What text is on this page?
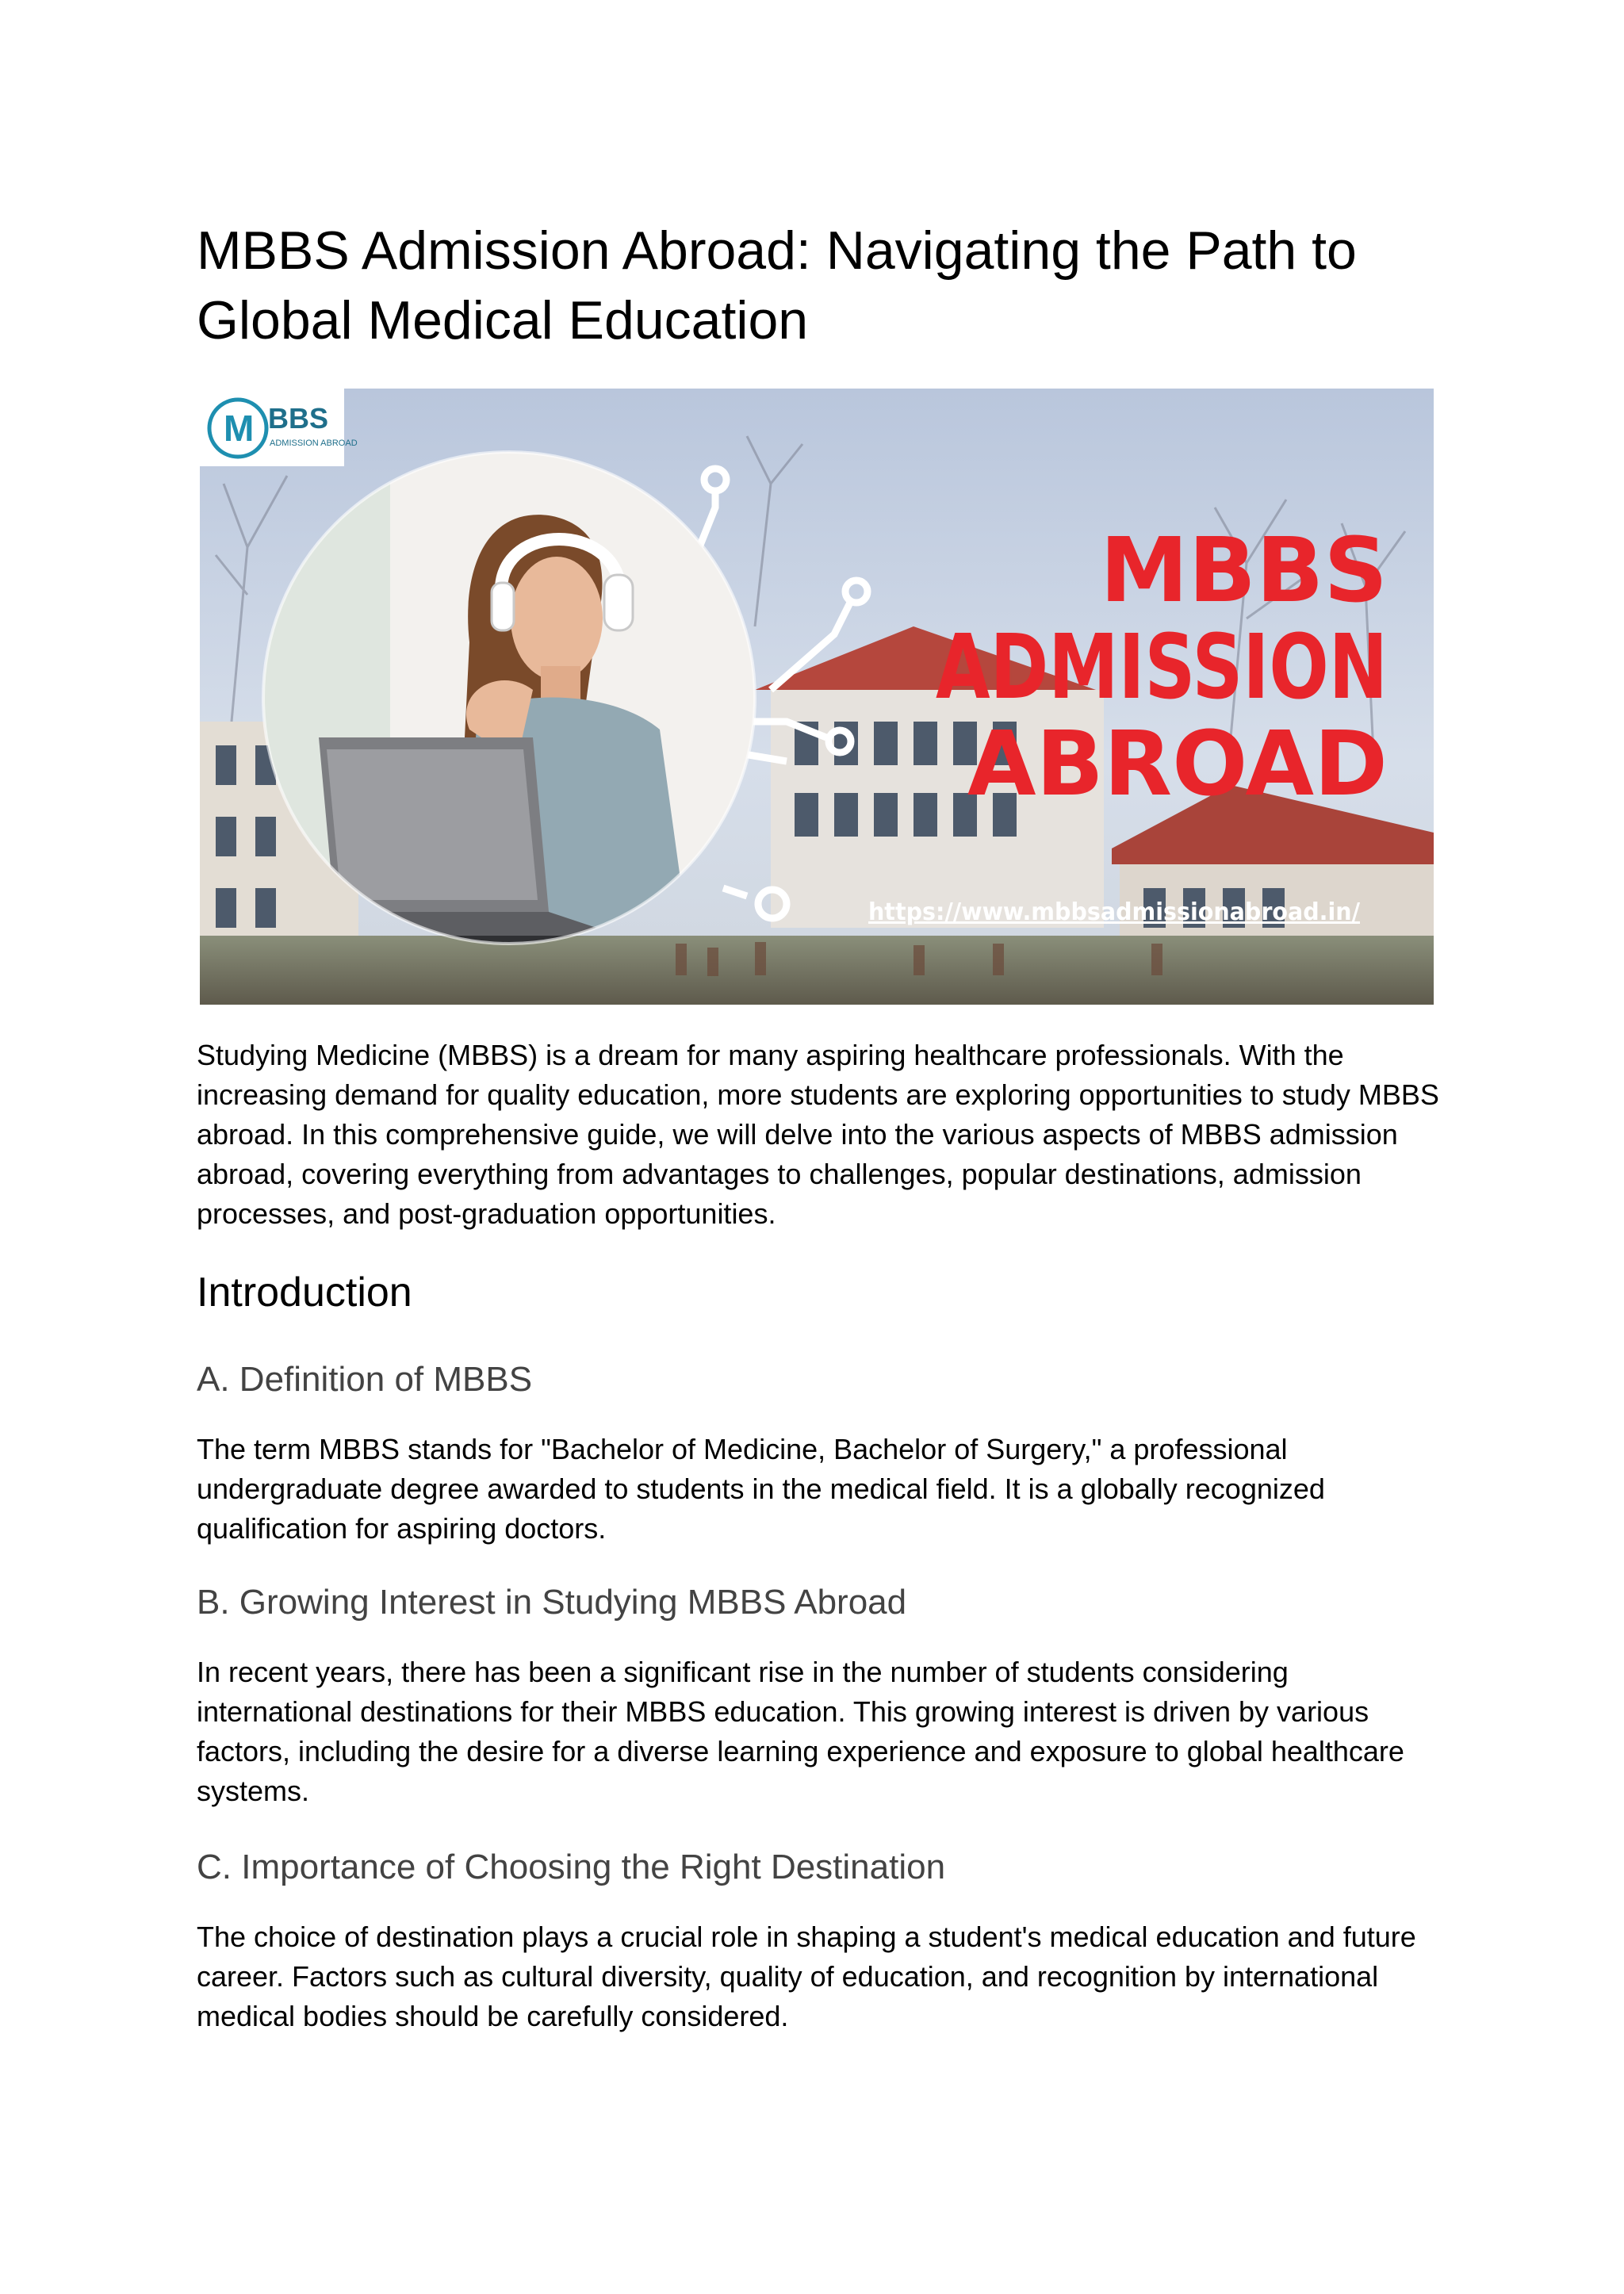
MBBS Admission Abroad: Navigating the Path to Global Medical Education
M BBS
ADMISSION ABROAD
MBBS
ADMISSION
ABROAD
https://www.mbbsadmissionabroad.in/

Studying Medicine (MBBS) is a dream for many aspiring healthcare professionals. With the increasing demand for quality education, more students are exploring opportunities to study MBBS abroad. In this comprehensive guide, we will delve into the various aspects of MBBS admission abroad, covering everything from advantages to challenges, popular destinations, admission processes, and post-graduation opportunities.

Introduction
A. Definition of MBBS

The term MBBS stands for "Bachelor of Medicine, Bachelor of Surgery," a professional undergraduate degree awarded to students in the medical field. It is a globally recognized qualification for aspiring doctors.

B. Growing Interest in Studying MBBS Abroad

In recent years, there has been a significant rise in the number of students considering international destinations for their MBBS education. This growing interest is driven by various factors, including the desire for a diverse learning experience and exposure to global healthcare systems.

C. Importance of Choosing the Right Destination

The choice of destination plays a crucial role in shaping a student's medical education and future career. Factors such as cultural diversity, quality of education, and recognition by international medical bodies should be carefully considered.
